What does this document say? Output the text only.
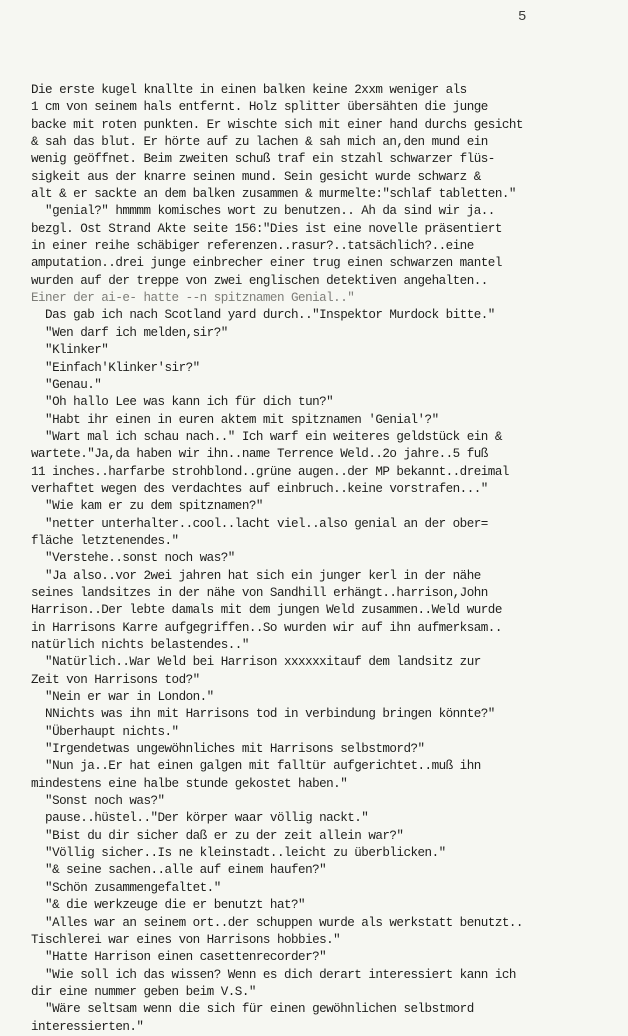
5
Die erste kugel knallte in einen balken keine 2xxm weniger als
1 cm von seinem hals entfernt. Holz splitter übersähten die junge
backe mit roten punkten. Er wischte sich mit einer hand durchs gesicht
& sah das blut. Er hörte auf zu lachen & sah mich an,den mund ein
wenig geöffnet. Beim zweiten schuß traf ein stzahl schwarzer flüs-
sigkeit aus der knarre seinen mund. Sein gesicht wurde schwarz &
alt & er sackte an dem balken zusammen & murmelte:"schlaf tabletten."
"genial?" hmmmm komisches wort zu benutzen.. Ah da sind wir ja..
bezgl. Ost Strand Akte seite 156:"Dies ist eine novelle präsentiert
in einer reihe schäbiger referenzen..rasur?..tatsächlich?..eine
amputation..drei junge einbrecher einer trug einen schwarzen mantel
wurden auf der treppe von zwei englischen detektiven angehalten..
Einer der ai-e- hatte --n spitznamen Genial.."
Das gab ich nach Scotland yard durch.."Inspektor Murdock bitte."
"Wen darf ich melden,sir?"
"Klinker"
"Einfach'Klinker'sir?"
"Genau."
"Oh hallo Lee was kann ich für dich tun?"
"Habt ihr einen in euren aktem mit spitznamen 'Genial'?"
"Wart mal ich schau nach.." Ich warf ein weiteres geldstück ein &
wartete."Ja,da haben wir ihn..name Terrence Weld..2o jahre..5 fuß
11 inches..harfarbe strohblond..grüne augen..der MP bekannt..dreimal
verhaftet wegen des verdachtes auf einbruch..keine vorstrafen..."
"Wie kam er zu dem spitznamen?"
"netter unterhalter..cool..lacht viel..also genial an der ober=
fläche letztenendes."
"Verstehe..sonst noch was?"
"Ja also..vor 2wei jahren hat sich ein junger kerl in der nähe
seines landsitzes in der nähe von Sandhill erhängt..harrison,John
Harrison..Der lebte damals mit dem jungen Weld zusammen..Weld wurde
in Harrisons Karre aufgegriffen..So wurden wir auf ihn aufmerksam..
natürlich nichts belastendes.."
"Natürlich..War Weld bei Harrison xxxxxxitauf dem landsitz zur
Zeit von Harrisons tod?"
"Nein er war in London."
NNichts was ihn mit Harrisons tod in verbindung bringen könnte?"
"Überhaupt nichts."
"Irgendetwas ungewöhnliches mit Harrisons selbstmord?"
"Nun ja..Er hat einen galgen mit falltür aufgerichtet..muß ihn
mindestens eine halbe stunde gekostet haben."
"Sonst noch was?"
pause..hüstel.."Der körper waar völlig nackt."
"Bist du dir sicher daß er zu der zeit allein war?"
"Völlig sicher..Is ne kleinstadt..leicht zu überblicken."
"& seine sachen..alle auf einem haufen?"
"Schön zusammengefaltet."
"& die werkzeuge die er benutzt hat?"
"Alles war an seinem ort..der schuppen wurde als werkstatt benutzt..
Tischlerei war eines von Harrisons hobbies."
"Hatte Harrison einen casettenrecorder?"
"Wie soll ich das wissen? Wenn es dich derart interessiert kann ich
dir eine nummer geben beim V.S."
"Wäre seltsam wenn die sich für einen gewöhnlichen selbstmord
interessierten."
